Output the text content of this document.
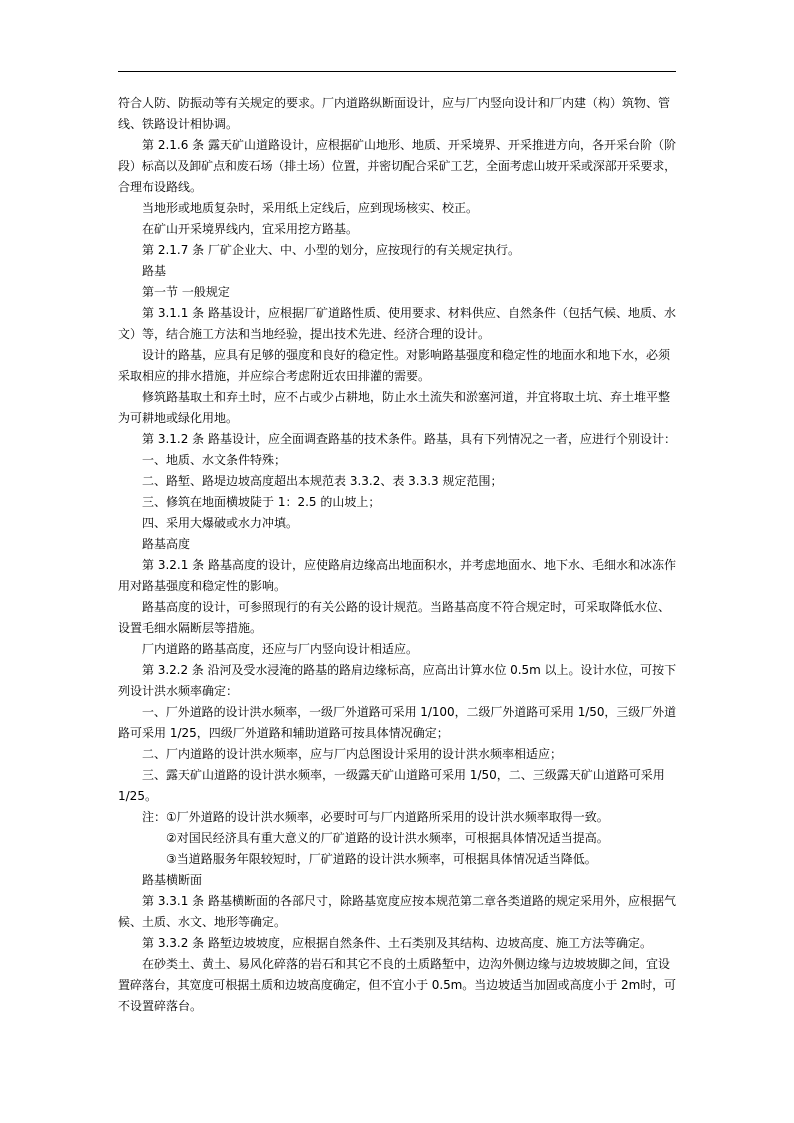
符合人防、防振动等有关规定的要求。厂内道路纵断面设计，应与厂内竖向设计和厂内建（构）筑物、管
线、铁路设计相协调。
第 2.1.6 条 露天矿山道路设计，应根据矿山地形、地质、开采境界、开采推进方向，各开采台阶（阶
段）标高以及卸矿点和废石场（排土场）位置，并密切配合采矿工艺，全面考虑山坡开采或深部开采要求，
合理布设路线。
当地形或地质复杂时，采用纸上定线后，应到现场核实、校正。
在矿山开采境界线内，宜采用挖方路基。
第 2.1.7 条 厂矿企业大、中、小型的划分，应按现行的有关规定执行。
路基
第一节 一般规定
第 3.1.1 条 路基设计，应根据厂矿道路性质、使用要求、材料供应、自然条件（包括气候、地质、水
文）等，结合施工方法和当地经验，提出技术先进、经济合理的设计。
设计的路基，应具有足够的强度和良好的稳定性。对影响路基强度和稳定性的地面水和地下水，必须
采取相应的排水措施，并应综合考虑附近农田排灌的需要。
修筑路基取土和弃土时，应不占或少占耕地，防止水土流失和淤塞河道，并宜将取土坑、弃土堆平整
为可耕地或绿化用地。
第 3.1.2 条 路基设计，应全面调查路基的技术条件。路基，具有下列情况之一者，应进行个别设计：
一、地质、水文条件特殊；
二、路堑、路堤边坡高度超出本规范表 3.3.2、表 3.3.3 规定范围；
三、修筑在地面横坡陡于 1：2.5 的山坡上；
四、采用大爆破或水力冲填。
路基高度
第 3.2.1 条 路基高度的设计，应使路肩边缘高出地面积水，并考虑地面水、地下水、毛细水和冰冻作
用对路基强度和稳定性的影响。
路基高度的设计，可参照现行的有关公路的设计规范。当路基高度不符合规定时，可采取降低水位、
设置毛细水隔断层等措施。
厂内道路的路基高度，还应与厂内竖向设计相适应。
第 3.2.2 条 沿河及受水浸淹的路基的路肩边缘标高，应高出计算水位 0.5m 以上。设计水位，可按下
列设计洪水频率确定：
一、厂外道路的设计洪水频率，一级厂外道路可采用 1/100，二级厂外道路可采用 1/50，三级厂外道
路可采用 1/25，四级厂外道路和辅助道路可按具体情况确定；
二、厂内道路的设计洪水频率，应与厂内总图设计采用的设计洪水频率相适应；
三、露天矿山道路的设计洪水频率，一级露天矿山道路可采用 1/50，二、三级露天矿山道路可采用
1/25。
注：①厂外道路的设计洪水频率，必要时可与厂内道路所采用的设计洪水频率取得一致。
②对国民经济具有重大意义的厂矿道路的设计洪水频率，可根据具体情况适当提高。
③当道路服务年限较短时，厂矿道路的设计洪水频率，可根据具体情况适当降低。
路基横断面
第 3.3.1 条 路基横断面的各部尺寸，除路基宽度应按本规范第二章各类道路的规定采用外，应根据气
候、土质、水文、地形等确定。
第 3.3.2 条 路堑边坡坡度，应根据自然条件、土石类别及其结构、边坡高度、施工方法等确定。
在砂类土、黄土、易风化碎落的岩石和其它不良的土质路堑中，边沟外侧边缘与边坡坡脚之间，宜设
置碎落台，其宽度可根据土质和边坡高度确定，但不宜小于 0.5m。当边坡适当加固或高度小于 2m时，可
不设置碎落台。
